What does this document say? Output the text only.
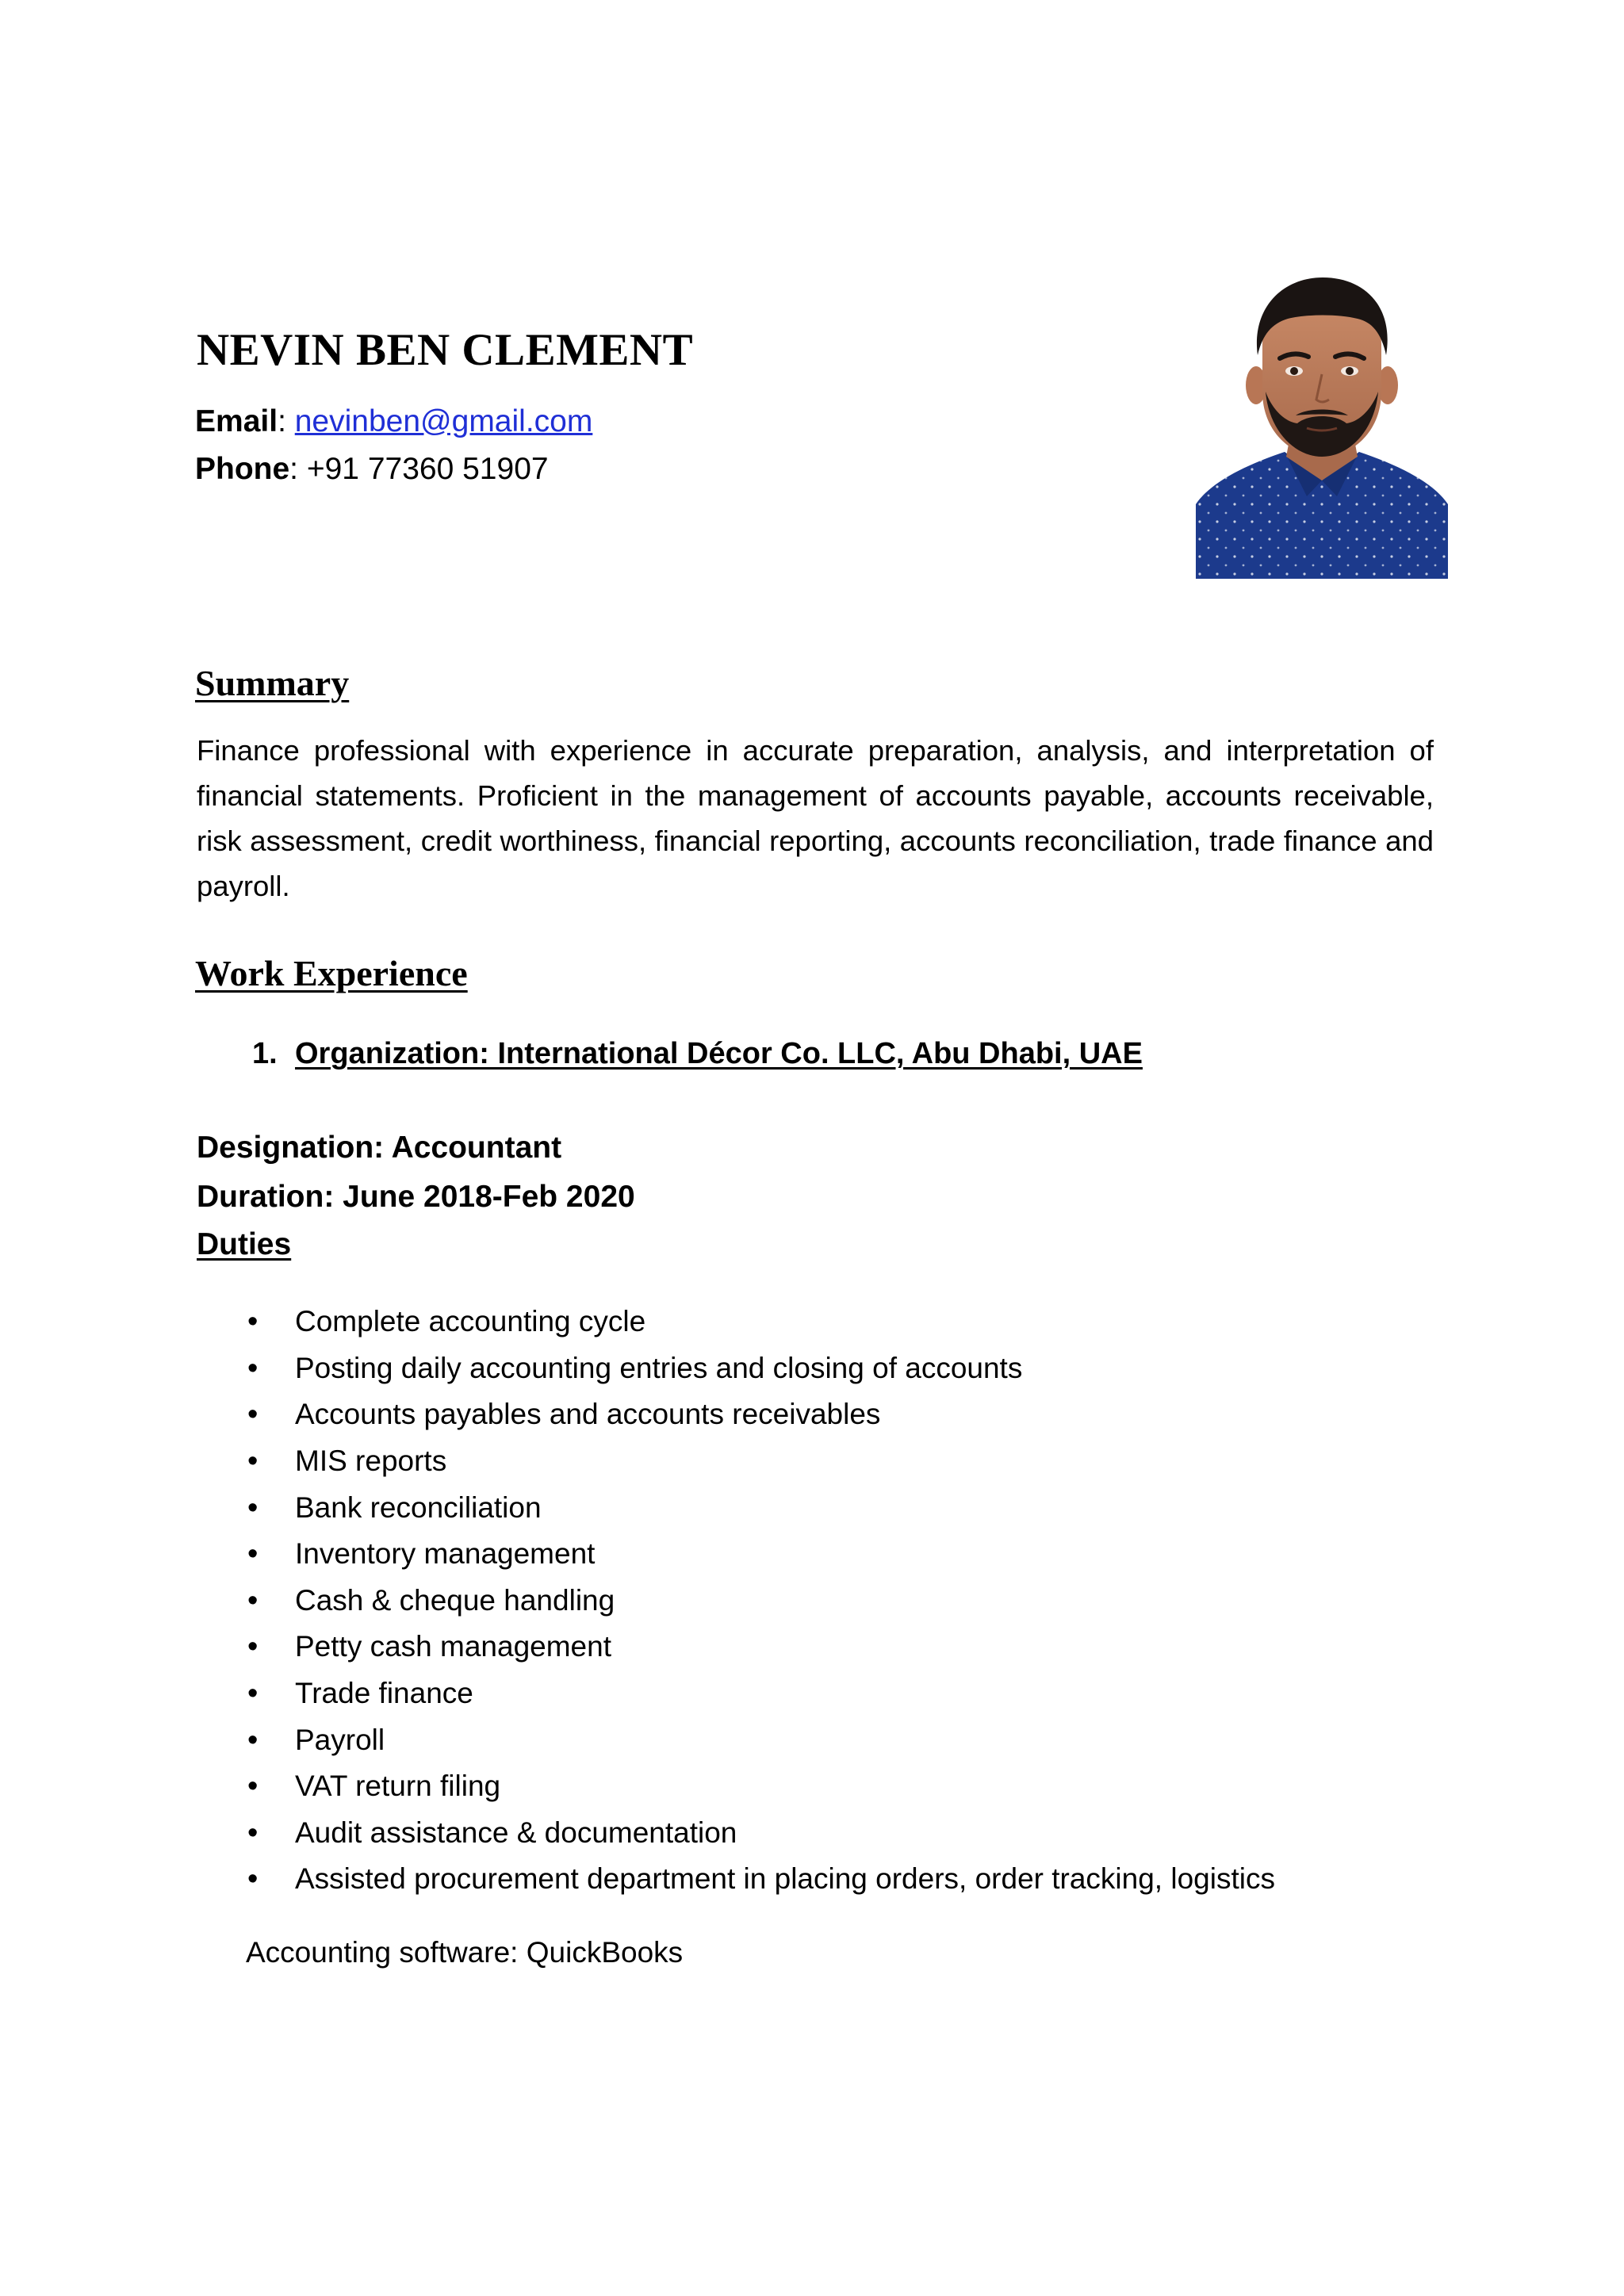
NEVIN BEN CLEMENT
Email: nevinben@gmail.com
Phone: +91 77360 51907
Summary

Finance professional with experience in accurate preparation, analysis, and interpretation of financial statements. Proficient in the management of accounts payable, accounts receivable, risk assessment, credit worthiness, financial reporting, accounts reconciliation, trade finance and payroll.

Work Experience
1. Organization: International Décor Co. LLC, Abu Dhabi, UAE
Designation: Accountant
Duration: June 2018-Feb 2020
Duties
•	Complete accounting cycle
•	Posting daily accounting entries and closing of accounts
•	Accounts payables and accounts receivables
•	MIS reports
•	Bank reconciliation
•	Inventory management
•	Cash & cheque handling
•	Petty cash management
•	Trade finance
•	Payroll
•	VAT return filing
•	Audit assistance & documentation
•	Assisted procurement department in placing orders, order tracking, logistics
Accounting software: QuickBooks
